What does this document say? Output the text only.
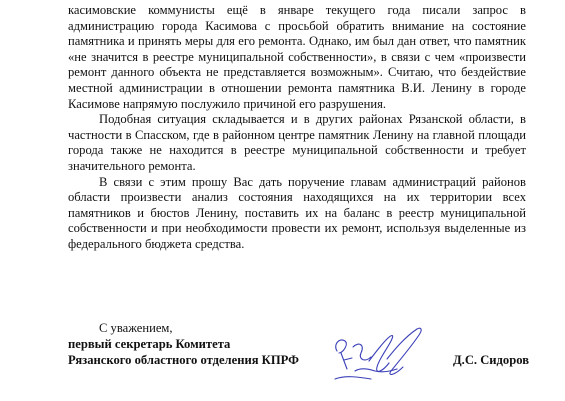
касимовские коммунисты ещё в январе текущего года писали запрос в администрацию города Касимова с просьбой обратить внимание на состояние памятника и принять меры для его ремонта. Однако, им был дан ответ, что памятник «не значится в реестре муниципальной собственности», в связи с чем «произвести ремонт данного объекта не представляется возможным». Считаю, что бездействие местной администрации в отношении ремонта памятника В.И. Ленину в городе Касимове напрямую послужило причиной его разрушения.

Подобная ситуация складывается и в других районах Рязанской области, в частности в Спасском, где в районном центре памятник Ленину на главной площади города также не находится в реестре муниципальной собственности и требует значительного ремонта.

В связи с этим прошу Вас дать поручение главам администраций районов области произвести анализ состояния находящихся на их территории всех памятников и бюстов Ленину, поставить их на баланс в реестр муниципальной собственности и при необходимости провести их ремонт, используя выделенные из федерального бюджета средства.

С уважением,
первый секретарь Комитета
Рязанского областного отделения КПРФ	Д.С. Сидоров
